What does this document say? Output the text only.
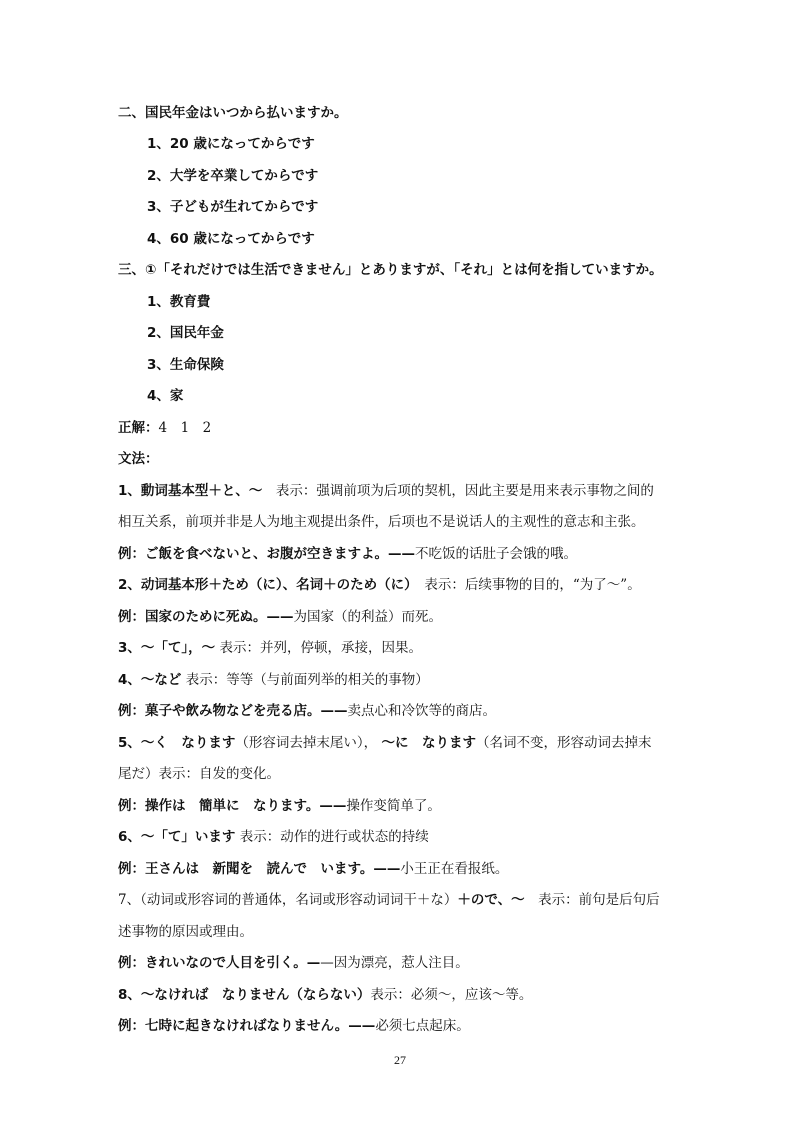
二、国民年金はいつから払いますか。
1、20 歳になってからです
2、大学を卒業してからです
3、子どもが生れてからです
4、60 歳になってからです
三、①「それだけでは生活できません」とありますが、「それ」とは何を指していますか。
1、教育費
2、国民年金
3、生命保険
4、家
正解：4　1　2
文法：
1、動词基本型＋と、～　表示：强调前项为后项的契机，因此主要是用来表示事物之间的
相互关系，前项并非是人为地主观提出条件，后项也不是说话人的主观性的意志和主张。
例：ご飯を食べないと、お腹が空きますよ。——不吃饭的话肚子会饿的哦。
2、动词基本形＋ため（に）、名词＋のため（に）　表示：后续事物的目的，“为了～”。
例：国家のために死ぬ。——为国家（的利益）而死。
3、～「て」，～ 表示：并列，停顿，承接，因果。
4、～など 表示：等等（与前面列举的相关的事物）
例：菓子や飲み物などを売る店。——卖点心和冷饮等的商店。
5、～く　なります（形容词去掉末尾い）， ～に　なります（名词不变，形容动词去掉末
尾だ）表示：自发的变化。
例：操作は　簡単に　なります。——操作变简单了。
6、～「て」います 表示：动作的进行或状态的持续
例：王さんは　新聞を　読んで　います。——小王正在看报纸。
7、（动词或形容词的普通体，名词或形容动词词干＋な）＋ので、～　表示：前句是后句后
述事物的原因或理由。
例：きれいなので人目を引く。——因为漂亮，惹人注目。
8、～なければ　なりません（ならない）表示：必须～，应该～等。
例：七時に起きなければなりません。——必须七点起床。
27
